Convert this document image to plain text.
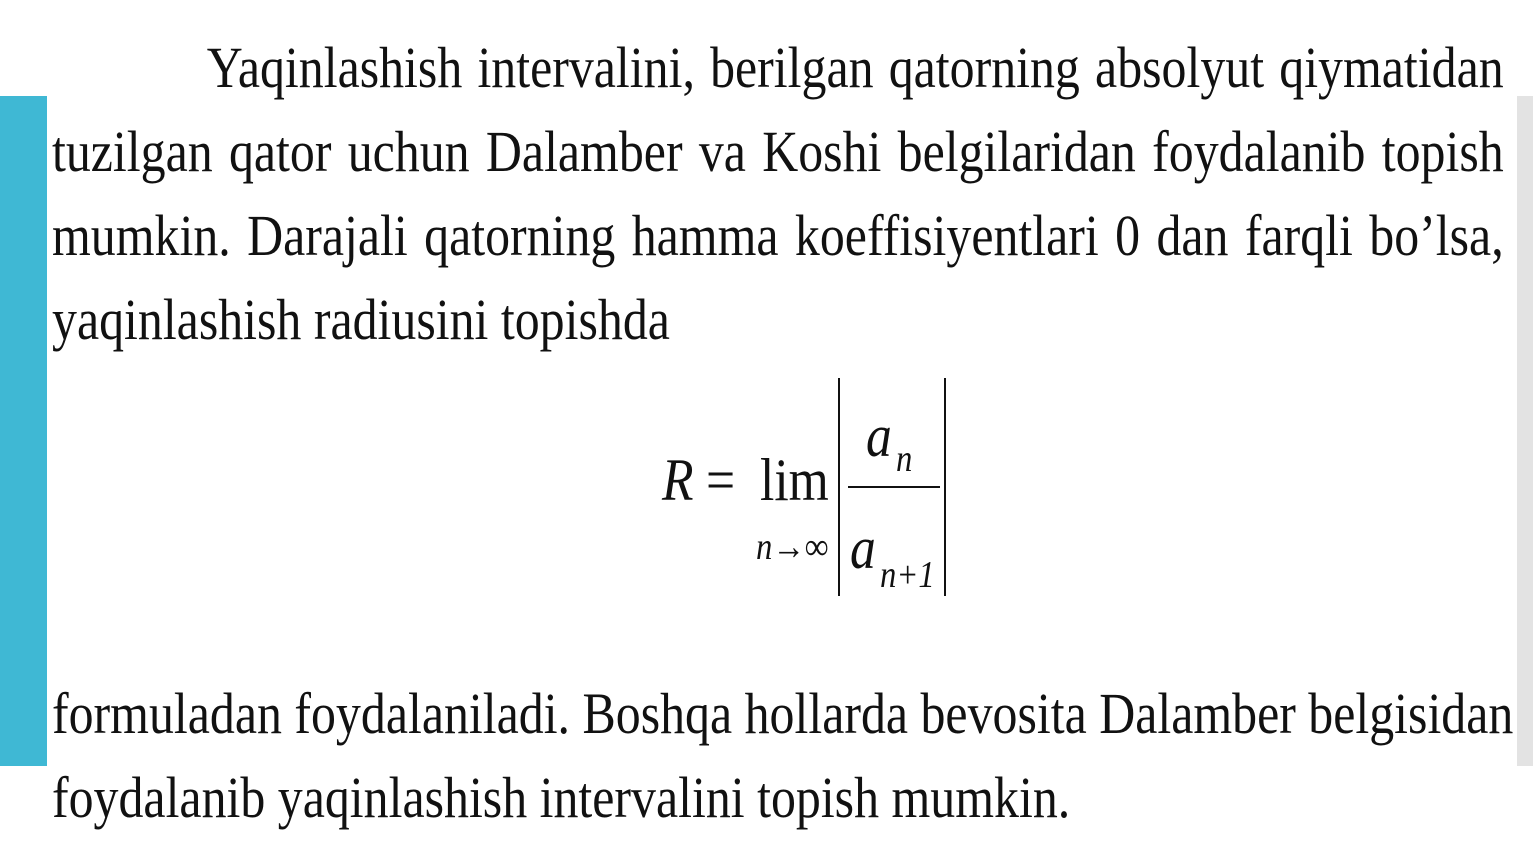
Yaqinlashish intervalini, berilgan qatorning absolyut qiymatidan
tuzilgan qator uchun Dalamber va Koshi belgilaridan foydalanib topish
mumkin. Darajali qatorning hamma koeffisiyentlari 0 dan farqli bo’lsa,
yaqinlashish radiusini topishda
R = lim
n→∞
a n
a n+1
formuladan foydalaniladi. Boshqa hollarda bevosita Dalamber belgisidan
foydalanib yaqinlashish intervalini topish mumkin.
